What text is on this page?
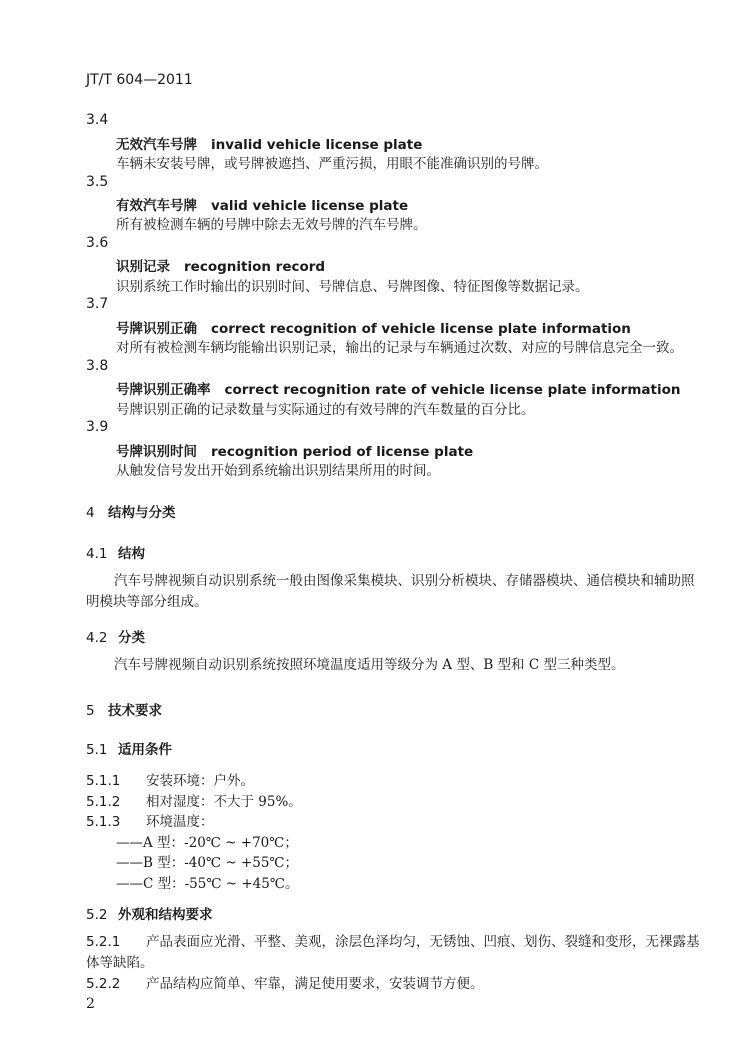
JT/T 604—2011
3.4
无效汽车号牌 invalid vehicle license plate
车辆未安装号牌，或号牌被遮挡、严重污损，用眼不能准确识别的号牌。
3.5
有效汽车号牌 valid vehicle license plate
所有被检测车辆的号牌中除去无效号牌的汽车号牌。
3.6
识别记录 recognition record
识别系统工作时输出的识别时间、号牌信息、号牌图像、特征图像等数据记录。
3.7
号牌识别正确 correct recognition of vehicle license plate information
对所有被检测车辆均能输出识别记录，输出的记录与车辆通过次数、对应的号牌信息完全一致。
3.8
号牌识别正确率 correct recognition rate of vehicle license plate information
号牌识别正确的记录数量与实际通过的有效号牌的汽车数量的百分比。
3.9
号牌识别时间 recognition period of license plate
从触发信号发出开始到系统输出识别结果所用的时间。
4 结构与分类
4.1 结构
汽车号牌视频自动识别系统一般由图像采集模块、识别分析模块、存储器模块、通信模块和辅助照明模块等部分组成。
4.2 分类
汽车号牌视频自动识别系统按照环境温度适用等级分为 A 型、B 型和 C 型三种类型。
5 技术要求
5.1 适用条件
5.1.1 安装环境：户外。
5.1.2 相对湿度：不大于 95%。
5.1.3 环境温度：
——A 型：-20℃ ~ +70℃；
——B 型：-40℃ ~ +55℃；
——C 型：-55℃ ~ +45℃。
5.2 外观和结构要求
5.2.1 产品表面应光滑、平整、美观，涂层色泽均匀，无锈蚀、凹痕、划伤、裂缝和变形，无裸露基体等缺陷。
5.2.2 产品结构应简单、牢靠，满足使用要求，安装调节方便。
2
